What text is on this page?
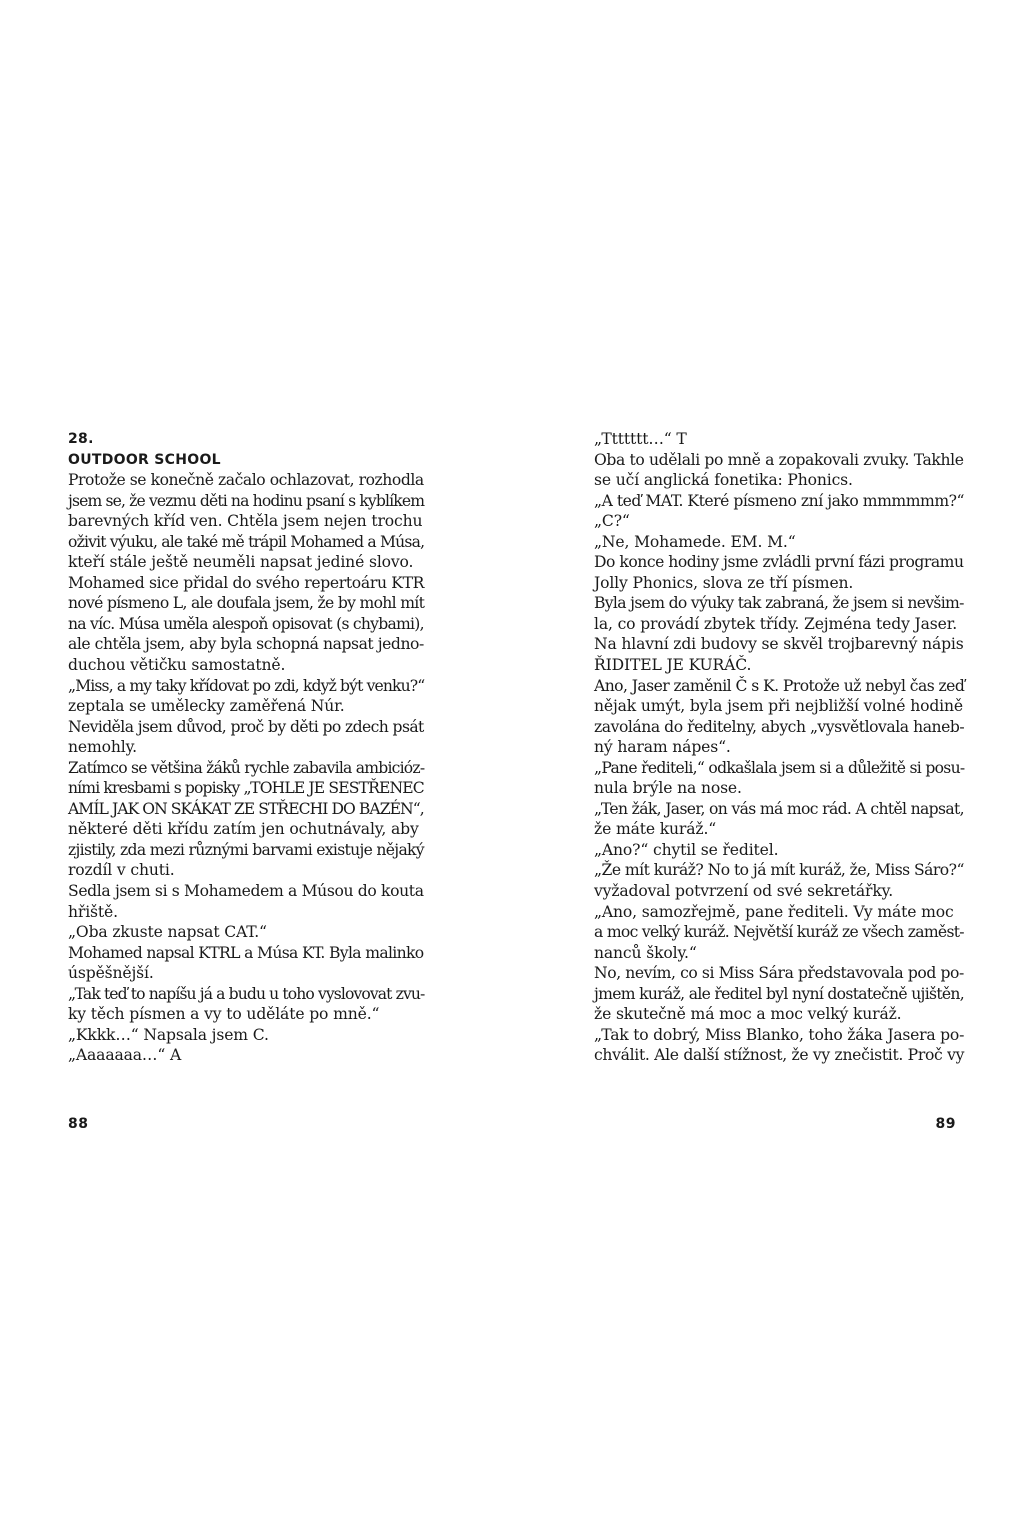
28.
OUTDOOR SCHOOL
Protože se konečně začalo ochlazovat, rozhodla
jsem se, že vezmu děti na hodinu psaní s kyblíkem
barevných kříd ven. Chtěla jsem nejen trochu
oživit výuku, ale také mě trápil Mohamed a Músa,
kteří stále ještě neuměli napsat jediné slovo.
Mohamed sice přidal do svého repertoáru KTR
nové písmeno L, ale doufala jsem, že by mohl mít
na víc. Músa uměla alespoň opisovat (s chybami),
ale chtěla jsem, aby byla schopná napsat jedno-
duchou větičku samostatně.
„Miss, a my taky křídovat po zdi, když být venku?“
zeptala se umělecky zaměřená Núr.
Neviděla jsem důvod, proč by děti po zdech psát
nemohly.
Zatímco se většina žáků rychle zabavila ambicióz-
ními kresbami s popisky „TOHLE JE SESTŘENEC
AMÍL JAK ON SKÁKAT ZE STŘECHI DO BAZÉN“,
některé děti křídu zatím jen ochutnávaly, aby
zjistily, zda mezi různými barvami existuje nějaký
rozdíl v chuti.
Sedla jsem si s Mohamedem a Músou do kouta
hřiště.
„Oba zkuste napsat CAT.“
Mohamed napsal KTRL a Músa KT. Byla malinko
úspěšnější.
„Tak teď to napíšu já a budu u toho vyslovovat zvu-
ky těch písmen a vy to uděláte po mně.“
„Kkkk…“ Napsala jsem C.
„Aaaaaaa…“ A
88
„Ttttttt…“ T
Oba to udělali po mně a zopakovali zvuky. Takhle
se učí anglická fonetika: Phonics.
„A teď MAT. Které písmeno zní jako mmmmmm?“
„C?“
„Ne, Mohamede. EM. M.“
Do konce hodiny jsme zvládli první fázi programu
Jolly Phonics, slova ze tří písmen.
Byla jsem do výuky tak zabraná, že jsem si nevšim-
la, co provádí zbytek třídy. Zejména tedy Jaser.
Na hlavní zdi budovy se skvěl trojbarevný nápis
ŘIDITEL JE KURÁČ.
Ano, Jaser zaměnil Č s K. Protože už nebyl čas zeď
nějak umýt, byla jsem při nejbližší volné hodině
zavolána do ředitelny, abych „vysvětlovala haneb-
ný haram nápes“.
„Pane řediteli,“ odkašlala jsem si a důležitě si posu-
nula brýle na nose.
„Ten žák, Jaser, on vás má moc rád. A chtěl napsat,
že máte kuráž.“
„Ano?“ chytil se ředitel.
„Že mít kuráž? No to já mít kuráž, že, Miss Sáro?“
vyžadoval potvrzení od své sekretářky.
„Ano, samozřejmě, pane řediteli. Vy máte moc
a moc velký kuráž. Největší kuráž ze všech zaměst-
nanců školy.“
No, nevím, co si Miss Sára představovala pod po-
jmem kuráž, ale ředitel byl nyní dostatečně ujištěn,
že skutečně má moc a moc velký kuráž.
„Tak to dobrý, Miss Blanko, toho žáka Jasera po-
chválit. Ale další stížnost, že vy znečistit. Proč vy
89
